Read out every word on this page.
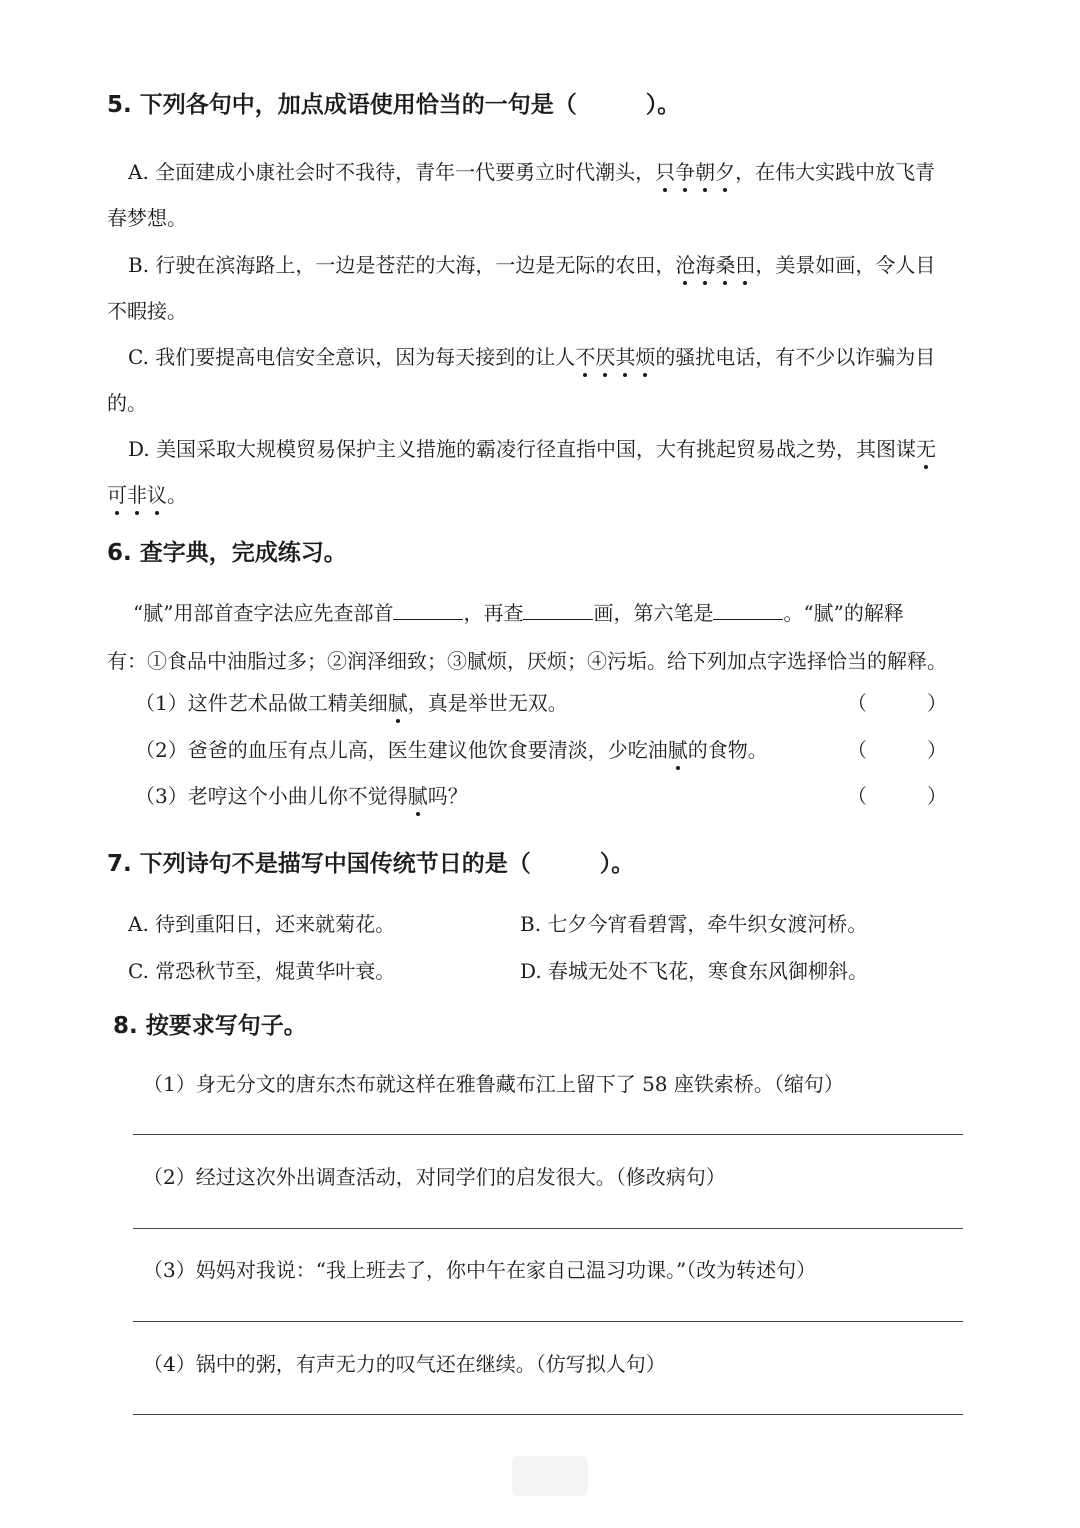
5. 下列各句中，加点成语使用恰当的一句是（　　　）。
A. 全面建成小康社会时不我待，青年一代要勇立时代潮头，只争朝夕，在伟大实践中放飞青
春梦想。
B. 行驶在滨海路上，一边是苍茫的大海，一边是无际的农田，沧海桑田，美景如画，令人目
不暇接。
C. 我们要提高电信安全意识，因为每天接到的让人不厌其烦的骚扰电话，有不少以诈骗为目
的。
D. 美国采取大规模贸易保护主义措施的霸凌行径直指中国，大有挑起贸易战之势，其图谋无
可非议。
6. 查字典，完成练习。
“腻”用部首查字法应先查部首	，再查	画，第六笔是	。“腻”的解释
有：①食品中油脂过多；②润泽细致；③腻烦，厌烦；④污垢。给下列加点字选择恰当的解释。
（1）这件艺术品做工精美细腻，真是举世无双。	（　　　）
（2）爸爸的血压有点儿高，医生建议他饮食要清淡，少吃油腻的食物。	（　　　）
（3）老哼这个小曲儿你不觉得腻吗？	（　　　）
7. 下列诗句不是描写中国传统节日的是（　　　）。
A. 待到重阳日，还来就菊花。	B. 七夕今宵看碧霄，牵牛织女渡河桥。
C. 常恐秋节至，焜黄华叶衰。	D. 春城无处不飞花，寒食东风御柳斜。
8. 按要求写句子。
（1）身无分文的唐东杰布就这样在雅鲁藏布江上留下了 58 座铁索桥。（缩句）
（2）经过这次外出调查活动，对同学们的启发很大。（修改病句）
（3）妈妈对我说：“我上班去了，你中午在家自己温习功课。”（改为转述句）
（4）锅中的粥，有声无力的叹气还在继续。（仿写拟人句）
